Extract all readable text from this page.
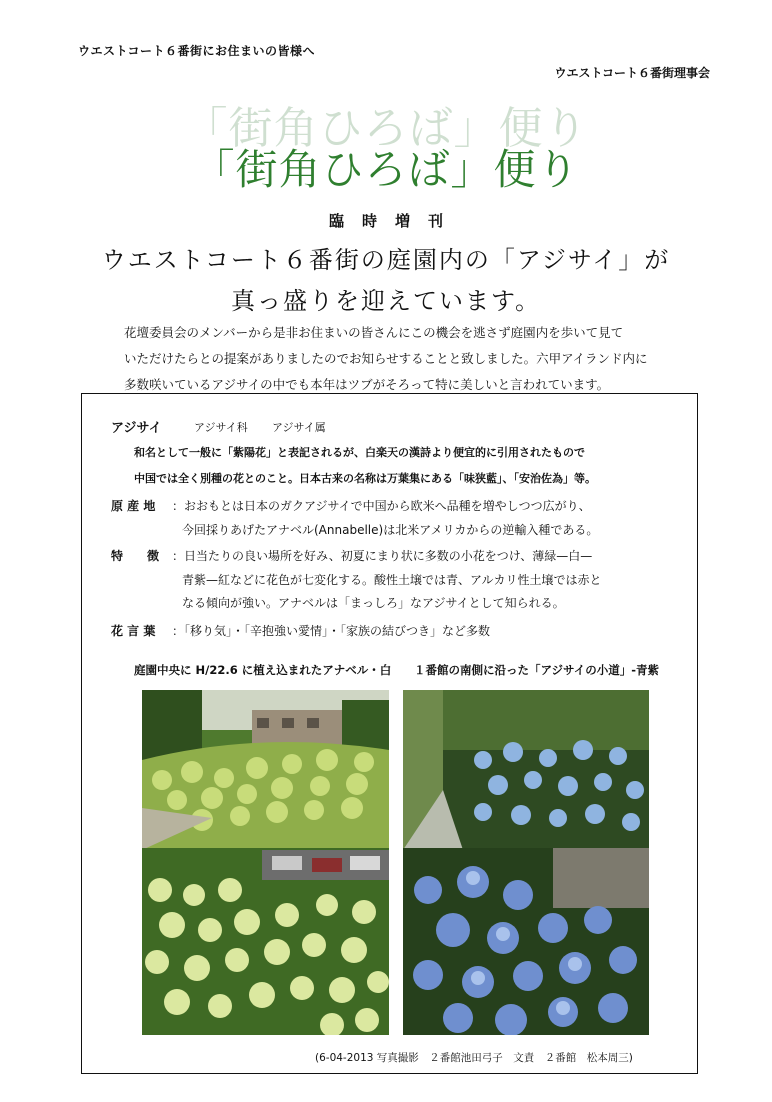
ウエストコート６番街にお住まいの皆様へ
ウエストコート６番街理事会
「街角ひろば」便り
「街角ひろば」便り
臨時増刊
ウエストコート６番街の庭園内の「アジサイ」が
真っ盛りを迎えています。
花壇委員会のメンバーから是非お住まいの皆さんにこの機会を逃さず庭園内を歩いて見て
いただけたらとの提案がありましたのでお知らせすることと致しました。六甲アイランド内に
多数咲いているアジサイの中でも本年はツブがそろって特に美しいと言われています。
アジサイ	アジサイ科 アジサイ属
和名として一般に「紫陽花」と表記されるが、白楽天の漢詩より便宜的に引用されたもので
中国では全く別種の花とのこと。日本古来の名称は万葉集にある「味狭藍」、「安治佐為」等。
原 産 地 ：おおもとは日本のガクアジサイで中国から欧米へ品種を増やしつつ広がり、
今回採りあげたアナベル(Annabelle)は北米アメリカからの逆輸入種である。
特　　徴 ：日当たりの良い場所を好み、初夏にまり状に多数の小花をつけ、薄緑—白—
青紫—紅などに花色が七変化する。酸性土壌では青、アルカリ性土壌では赤と
なる傾向が強い。アナベルは「まっしろ」なアジサイとして知られる。
花 言 葉 ：「移り気」・「辛抱強い愛情」・「家族の結びつき」など多数
庭園中央に H/22.6 に植え込まれたアナベル・白 １番館の南側に沿った「アジサイの小道」-青紫
(6-04-2013 写真撮影　２番館池田弓子　文責　２番館　松本周三)
